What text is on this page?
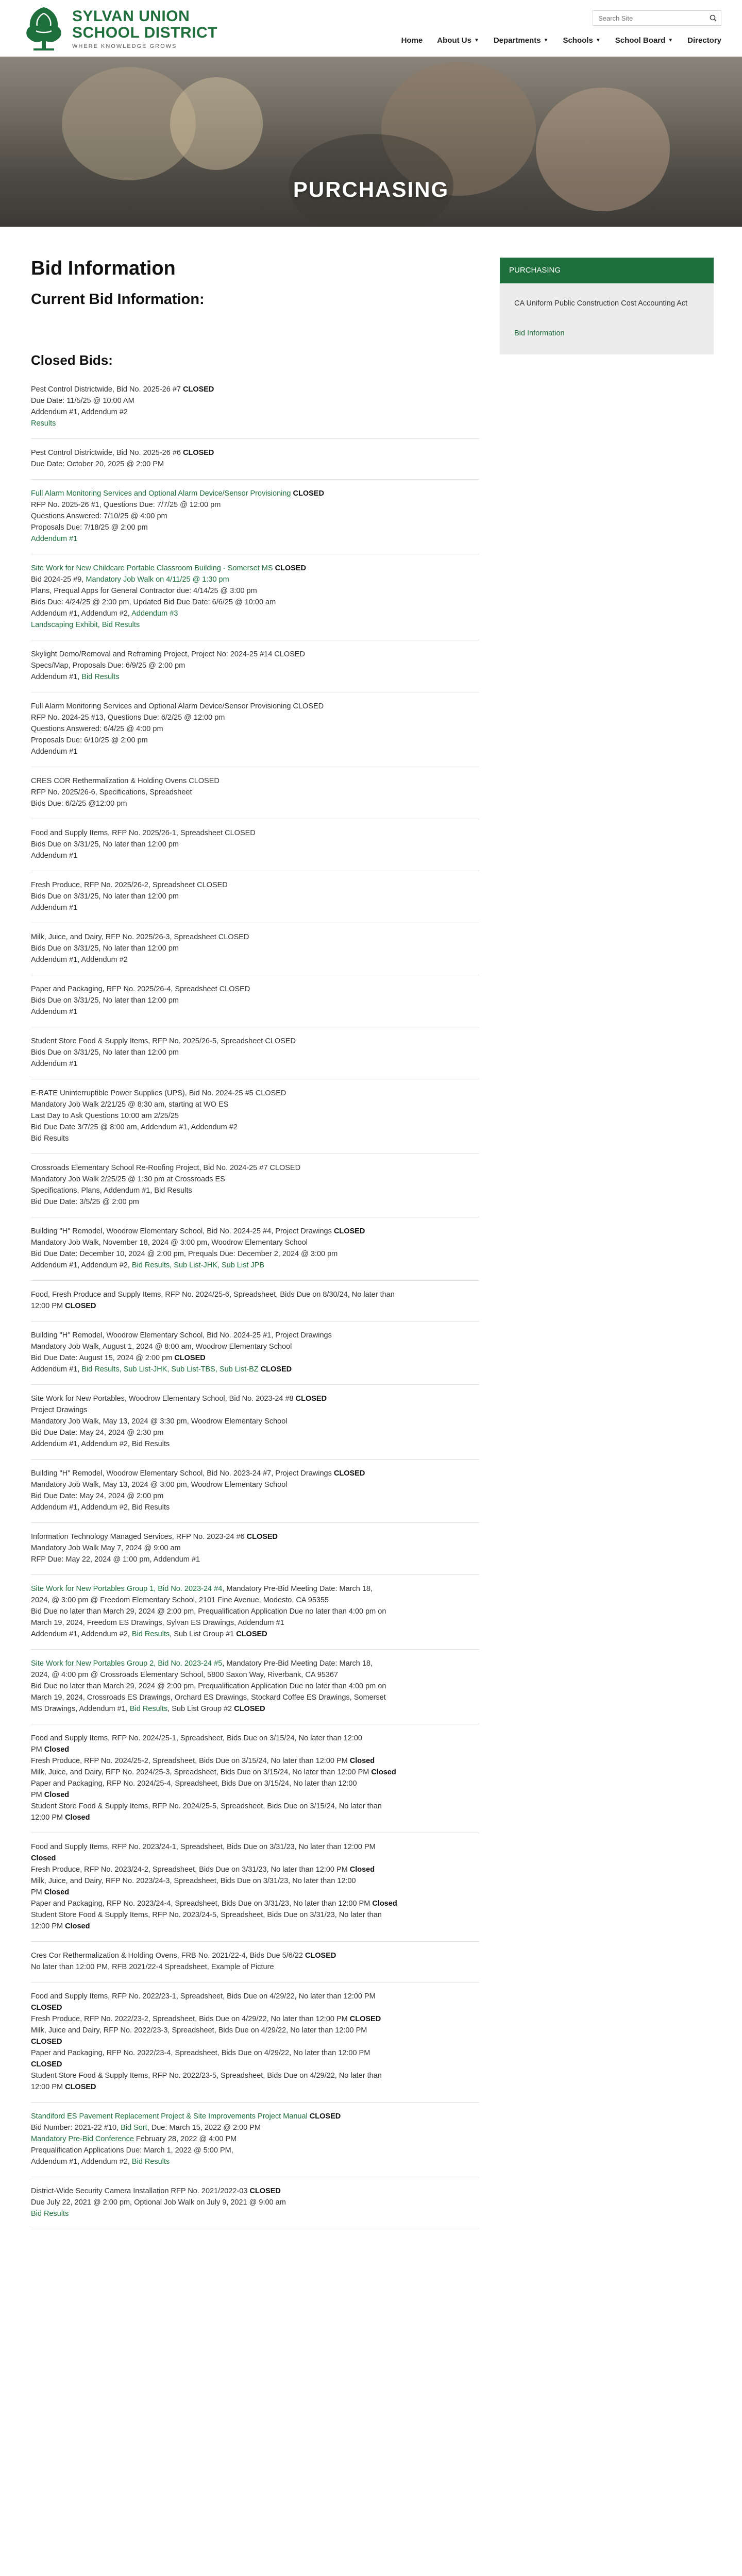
SYLVAN UNION
SCHOOL DISTRICT
WHERE KNOWLEDGE GROWS
Search Site
Home About Us ▼ Departments ▼ Schools ▼ School Board ▼ Directory
PURCHASING
Bid Information
Current Bid Information:
Closed Bids:
Pest Control Districtwide, Bid No. 2025-26 #7 CLOSED
Due Date: 11/5/25 @ 10:00 AM
Addendum #1, Addendum #2
Results
Pest Control Districtwide, Bid No. 2025-26 #6 CLOSED
Due Date: October 20, 2025 @ 2:00 PM
Full Alarm Monitoring Services and Optional Alarm Device/Sensor Provisioning CLOSED
RFP No. 2025-26 #1, Questions Due: 7/7/25 @ 12:00 pm
Questions Answered: 7/10/25 @ 4:00 pm
Proposals Due: 7/18/25 @ 2:00 pm
Addendum #1
Site Work for New Childcare Portable Classroom Building - Somerset MS CLOSED
Bid 2024-25 #9, Mandatory Job Walk on 4/11/25 @ 1:30 pm
Plans, Prequal Apps for General Contractor due: 4/14/25 @ 3:00 pm
Bids Due: 4/24/25 @ 2:00 pm, Updated Bid Due Date: 6/6/25 @ 10:00 am
Addendum #1, Addendum #2, Addendum #3
Landscaping Exhibit, Bid Results
Skylight Demo/Removal and Reframing Project, Project No: 2024-25 #14 CLOSED
Specs/Map, Proposals Due: 6/9/25 @ 2:00 pm
Addendum #1, Bid Results
Full Alarm Monitoring Services and Optional Alarm Device/Sensor Provisioning CLOSED
RFP No. 2024-25 #13, Questions Due: 6/2/25 @ 12:00 pm
Questions Answered: 6/4/25 @ 4:00 pm
Proposals Due: 6/10/25 @ 2:00 pm
Addendum #1
CRES COR Rethermalization & Holding Ovens CLOSED
RFP No. 2025/26-6, Specifications, Spreadsheet
Bids Due: 6/2/25 @12:00 pm
Food and Supply Items, RFP No. 2025/26-1, Spreadsheet CLOSED
Bids Due on 3/31/25, No later than 12:00 pm
Addendum #1
Fresh Produce, RFP No. 2025/26-2, Spreadsheet CLOSED
Bids Due on 3/31/25, No later than 12:00 pm
Addendum #1
Milk, Juice, and Dairy, RFP No. 2025/26-3, Spreadsheet CLOSED
Bids Due on 3/31/25, No later than 12:00 pm
Addendum #1, Addendum #2
Paper and Packaging, RFP No. 2025/26-4, Spreadsheet CLOSED
Bids Due on 3/31/25, No later than 12:00 pm
Addendum #1
Student Store Food & Supply Items, RFP No. 2025/26-5, Spreadsheet CLOSED
Bids Due on 3/31/25, No later than 12:00 pm
Addendum #1
E-RATE Uninterruptible Power Supplies (UPS), Bid No. 2024-25 #5 CLOSED
Mandatory Job Walk 2/21/25 @ 8:30 am, starting at WO ES
Last Day to Ask Questions 10:00 am 2/25/25
Bid Due Date 3/7/25 @ 8:00 am, Addendum #1, Addendum #2
Bid Results
Crossroads Elementary School Re-Roofing Project, Bid No. 2024-25 #7 CLOSED
Mandatory Job Walk 2/25/25 @ 1:30 pm at Crossroads ES
Specifications, Plans, Addendum #1, Bid Results
Bid Due Date: 3/5/25 @ 2:00 pm
Building "H" Remodel, Woodrow Elementary School, Bid No. 2024-25 #4, Project Drawings CLOSED
Mandatory Job Walk, November 18, 2024 @ 3:00 pm, Woodrow Elementary School
Bid Due Date: December 10, 2024 @ 2:00 pm, Prequals Due: December 2, 2024 @ 3:00 pm
Addendum #1, Addendum #2, Bid Results, Sub List-JHK, Sub List JPB
Food, Fresh Produce and Supply Items, RFP No. 2024/25-6, Spreadsheet, Bids Due on 8/30/24, No later than
12:00 PM CLOSED
Building "H" Remodel, Woodrow Elementary School, Bid No. 2024-25 #1, Project Drawings
Mandatory Job Walk, August 1, 2024 @ 8:00 am, Woodrow Elementary School
Bid Due Date: August 15, 2024 @ 2:00 pm CLOSED
Addendum #1, Bid Results, Sub List-JHK, Sub List-TBS, Sub List-BZ CLOSED
Site Work for New Portables, Woodrow Elementary School, Bid No. 2023-24 #8 CLOSED
Project Drawings
Mandatory Job Walk, May 13, 2024 @ 3:30 pm, Woodrow Elementary School
Bid Due Date: May 24, 2024 @ 2:30 pm
Addendum #1, Addendum #2, Bid Results
Building "H" Remodel, Woodrow Elementary School, Bid No. 2023-24 #7, Project Drawings CLOSED
Mandatory Job Walk, May 13, 2024 @ 3:00 pm, Woodrow Elementary School
Bid Due Date: May 24, 2024 @ 2:00 pm
Addendum #1, Addendum #2, Bid Results
Information Technology Managed Services, RFP No. 2023-24 #6 CLOSED
Mandatory Job Walk May 7, 2024 @ 9:00 am
RFP Due: May 22, 2024 @ 1:00 pm, Addendum #1
Site Work for New Portables Group 1, Bid No. 2023-24 #4, Mandatory Pre-Bid Meeting Date: March 18,
2024, @ 3:00 pm @ Freedom Elementary School, 2101 Fine Avenue, Modesto, CA 95355
Bid Due no later than March 29, 2024 @ 2:00 pm, Prequalification Application Due no later than 4:00 pm on
March 19, 2024, Freedom ES Drawings, Sylvan ES Drawings, Addendum #1
Addendum #1, Addendum #2, Bid Results, Sub List Group #1 CLOSED
Site Work for New Portables Group 2, Bid No. 2023-24 #5, Mandatory Pre-Bid Meeting Date: March 18,
2024, @ 4:00 pm @ Crossroads Elementary School, 5800 Saxon Way, Riverbank, CA 95367
Bid Due no later than March 29, 2024 @ 2:00 pm, Prequalification Application Due no later than 4:00 pm on
March 19, 2024, Crossroads ES Drawings, Orchard ES Drawings, Stockard Coffee ES Drawings, Somerset
MS Drawings, Addendum #1, Bid Results, Sub List Group #2 CLOSED
Food and Supply Items, RFP No. 2024/25-1, Spreadsheet, Bids Due on 3/15/24, No later than 12:00
PM Closed
Fresh Produce, RFP No. 2024/25-2, Spreadsheet, Bids Due on 3/15/24, No later than 12:00 PM Closed
Milk, Juice, and Dairy, RFP No. 2024/25-3, Spreadsheet, Bids Due on 3/15/24, No later than 12:00 PM Closed
Paper and Packaging, RFP No. 2024/25-4, Spreadsheet, Bids Due on 3/15/24, No later than 12:00
PM Closed
Student Store Food & Supply Items, RFP No. 2024/25-5, Spreadsheet, Bids Due on 3/15/24, No later than
12:00 PM Closed
Food and Supply Items, RFP No. 2023/24-1, Spreadsheet, Bids Due on 3/31/23, No later than 12:00 PM
Closed
Fresh Produce, RFP No. 2023/24-2, Spreadsheet, Bids Due on 3/31/23, No later than 12:00 PM Closed
Milk, Juice, and Dairy, RFP No. 2023/24-3, Spreadsheet, Bids Due on 3/31/23, No later than 12:00
PM Closed
Paper and Packaging, RFP No. 2023/24-4, Spreadsheet, Bids Due on 3/31/23, No later than 12:00 PM Closed
Student Store Food & Supply Items, RFP No. 2023/24-5, Spreadsheet, Bids Due on 3/31/23, No later than
12:00 PM Closed
Cres Cor Rethermalization & Holding Ovens, FRB No. 2021/22-4, Bids Due 5/6/22 CLOSED
No later than 12:00 PM, RFB 2021/22-4 Spreadsheet, Example of Picture
Food and Supply Items, RFP No. 2022/23-1, Spreadsheet, Bids Due on 4/29/22, No later than 12:00 PM
CLOSED
Fresh Produce, RFP No. 2022/23-2, Spreadsheet, Bids Due on 4/29/22, No later than 12:00 PM CLOSED
Milk, Juice and Dairy, RFP No. 2022/23-3, Spreadsheet, Bids Due on 4/29/22, No later than 12:00 PM
CLOSED
Paper and Packaging, RFP No. 2022/23-4, Spreadsheet, Bids Due on 4/29/22, No later than 12:00 PM
CLOSED
Student Store Food & Supply Items, RFP No. 2022/23-5, Spreadsheet, Bids Due on 4/29/22, No later than
12:00 PM CLOSED
Standiford ES Pavement Replacement Project & Site Improvements Project Manual CLOSED
Bid Number: 2021-22 #10, Bid Sort, Due: March 15, 2022 @ 2:00 PM
Mandatory Pre-Bid Conference February 28, 2022 @ 4:00 PM
Prequalification Applications Due: March 1, 2022 @ 5:00 PM,
Addendum #1, Addendum #2, Bid Results
District-Wide Security Camera Installation RFP No. 2021/2022-03 CLOSED
Due July 22, 2021 @ 2:00 pm, Optional Job Walk on July 9, 2021 @ 9:00 am
Bid Results
PURCHASING
CA Uniform Public Construction Cost Accounting Act
Bid Information
